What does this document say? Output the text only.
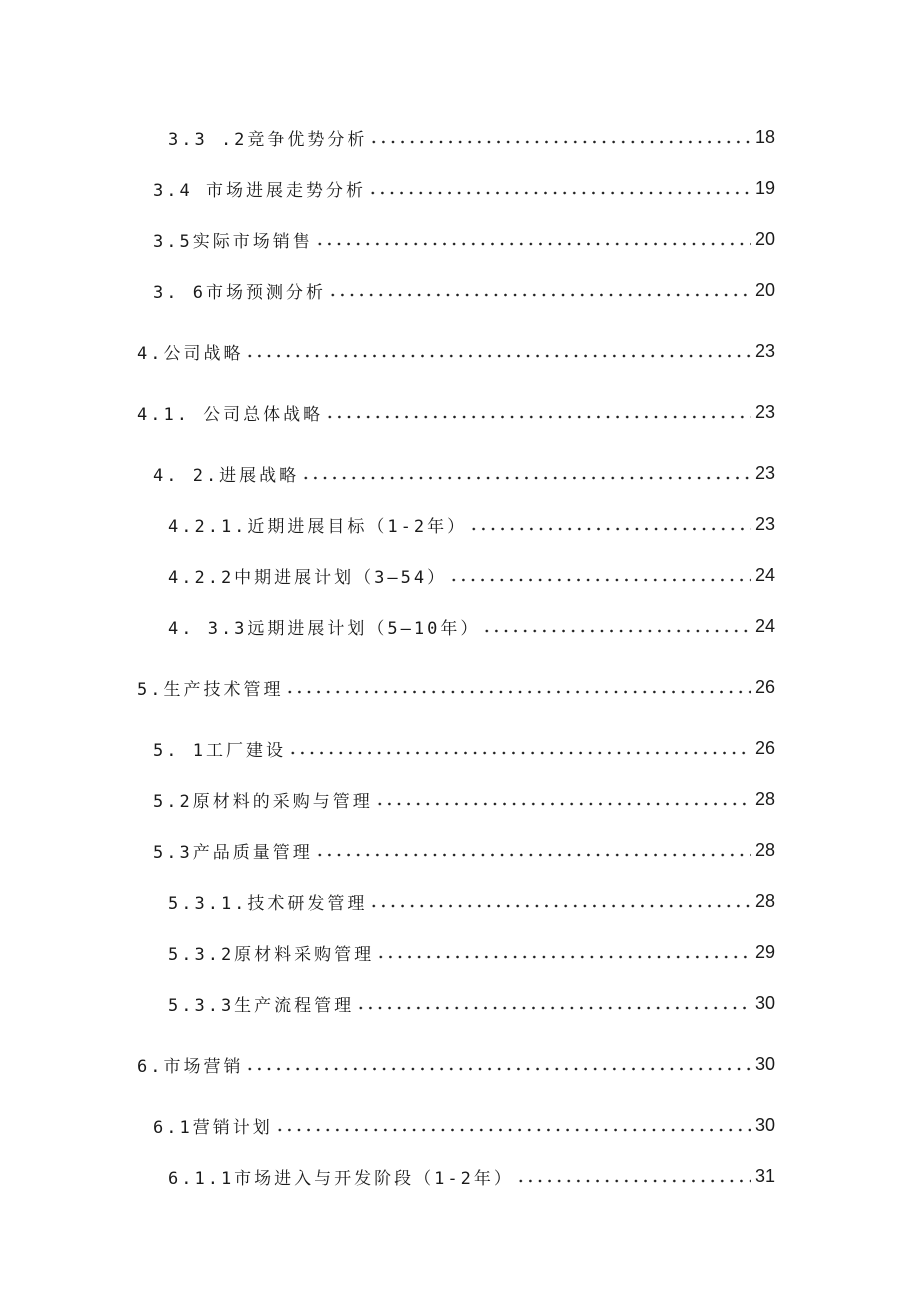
3.3 .2竞争优势分析	18
3.4 市场进展走势分析	19
3.5实际市场销售	20
3. 6市场预测分析	20
4.公司战略	23
4.1. 公司总体战略	23
4. 2.进展战略	23
4.2.1.近期进展目标（1-2年）	23
4.2.2中期进展计划（3—54）	24
4. 3.3远期进展计划（5—10年）	24
5.生产技术管理	26
5. 1工厂建设	26
5.2原材料的采购与管理	28
5.3产品质量管理	28
5.3.1.技术研发管理	28
5.3.2原材料采购管理	29
5.3.3生产流程管理	30
6.市场营销	30
6.1营销计划	30
6.1.1市场进入与开发阶段（1-2年）	31
